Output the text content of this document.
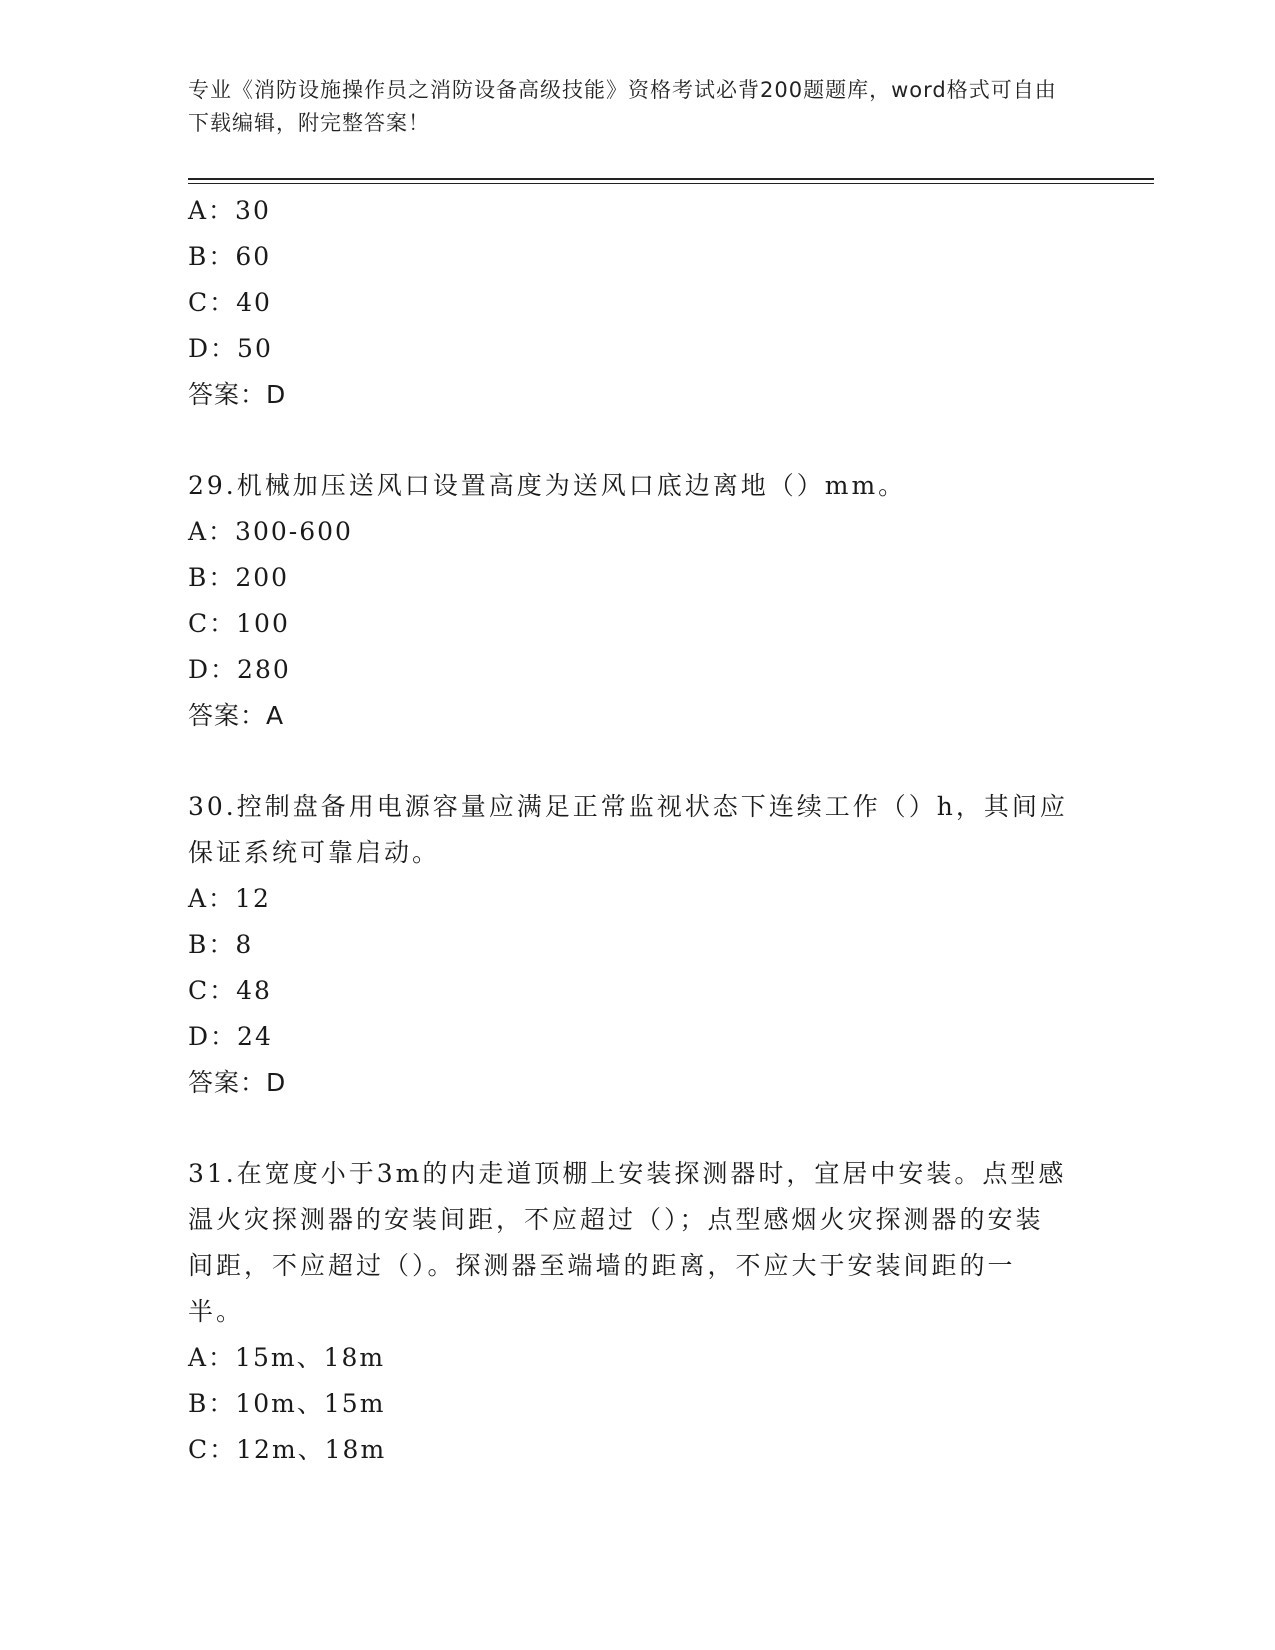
专业《消防设施操作员之消防设备高级技能》资格考试必背200题题库，word格式可自由下载编辑，附完整答案！
A：30
B：60
C：40
D：50
答案：D
29.机械加压送风口设置高度为送风口底边离地（）mm。
A：300-600
B：200
C：100
D：280
答案：A
30.控制盘备用电源容量应满足正常监视状态下连续工作（）h，其间应保证系统可靠启动。
A：12
B：8
C：48
D：24
答案：D
31.在宽度小于3m的内走道顶棚上安装探测器时，宜居中安装。点型感温火灾探测器的安装间距，不应超过（）；点型感烟火灾探测器的安装间距，不应超过（）。探测器至端墙的距离，不应大于安装间距的一半。
A：15m、18m
B：10m、15m
C：12m、18m
